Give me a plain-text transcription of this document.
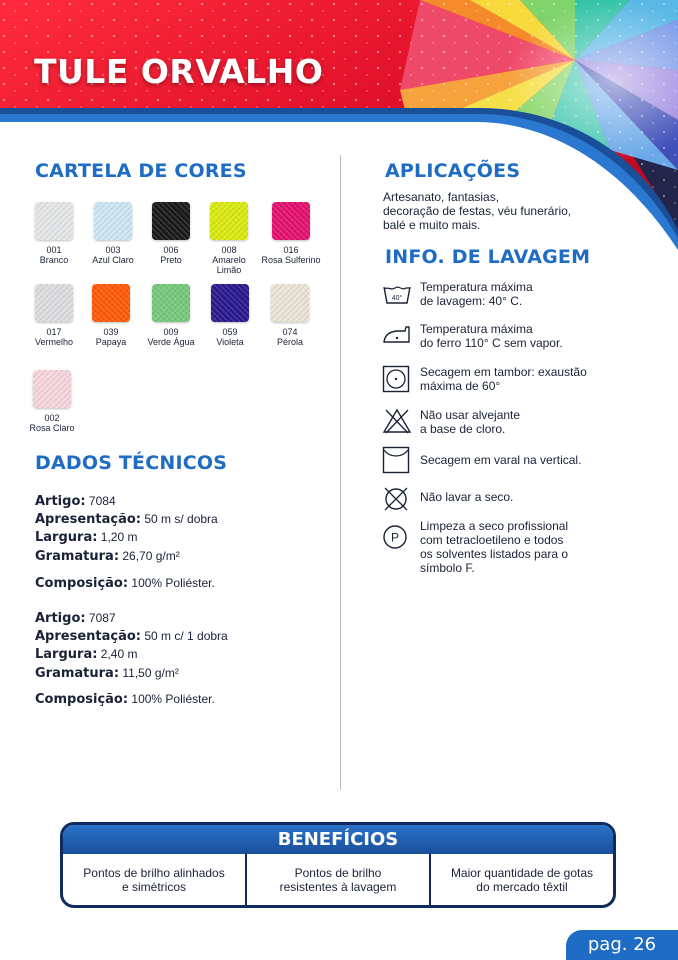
TULE ORVALHO
CARTELA DE CORES
001
Branco
003
Azul Claro
006
Preto
008
Amarelo Limão
016
Rosa Sulferino
017
Vermelho
039
Papaya
009
Verde Água
059
Violeta
074
Pérola
002
Rosa Claro
DADOS TÉCNICOS
Artigo: 7084
Apresentação: 50 m s/ dobra
Largura: 1,20 m
Gramatura: 26,70 g/m²
Composição: 100% Poliéster.
Artigo: 7087
Apresentação: 50 m c/ 1 dobra
Largura: 2,40 m
Gramatura: 11,50 g/m²
Composição: 100% Poliéster.
APLICAÇÕES
Artesanato, fantasias,
decoração de festas, véu funerário,
balé e muito mais.
INFO. DE LAVAGEM
40°
Temperatura máxima
de lavagem: 40° C.
Temperatura máxima
do ferro 110° C sem vapor.
Secagem em tambor: exaustão
máxima de 60°
Não usar alvejante
a base de cloro.
Secagem em varal na vertical.
Não lavar a seco.
P
Limpeza a seco profissional
com tetracloetileno e todos
os solventes listados para o
símbolo F.
BENEFÍCIOS
Pontos de brilho alinhados
e simétricos
Pontos de brilho
resistentes à lavagem
Maior quantidade de gotas
do mercado têxtil
pag. 26
